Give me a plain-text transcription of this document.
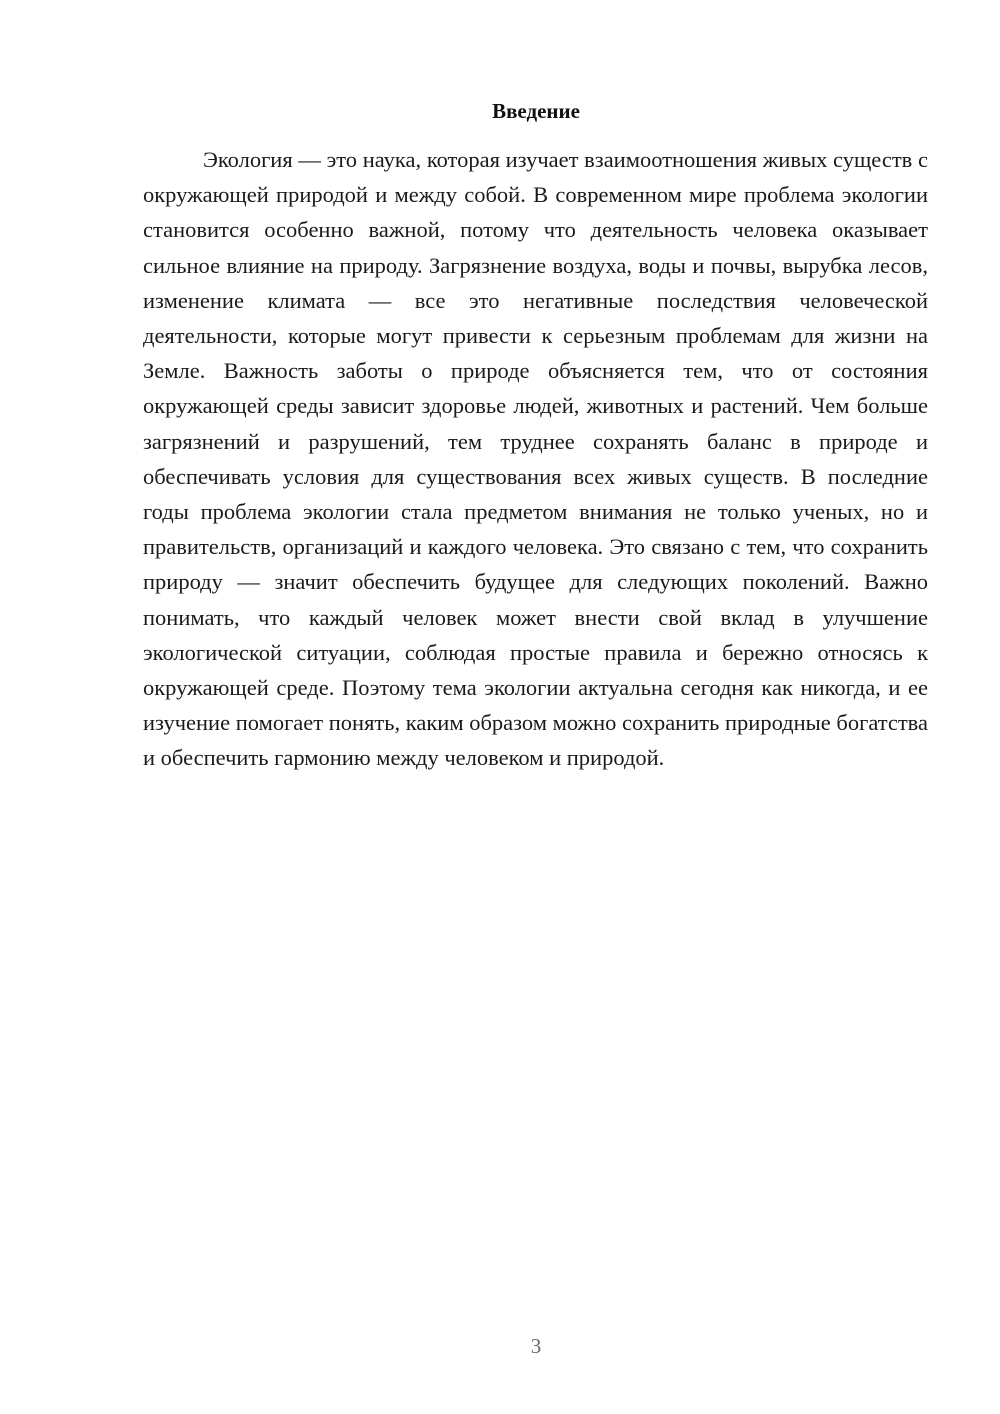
Введение

Экология — это наука, которая изучает взаимоотношения живых существ с окружающей природой и между собой. В современном мире проблема экологии становится особенно важной, потому что деятельность человека оказывает сильное влияние на природу. Загрязнение воздуха, воды и почвы, вырубка лесов, изменение климата — все это негативные последствия человеческой деятельности, которые могут привести к серьезным проблемам для жизни на Земле. Важность заботы о природе объясняется тем, что от состояния окружающей среды зависит здоровье людей, животных и растений. Чем больше загрязнений и разрушений, тем труднее сохранять баланс в природе и обеспечивать условия для существования всех живых существ. В последние годы проблема экологии стала предметом внимания не только ученых, но и правительств, организаций и каждого человека. Это связано с тем, что сохранить природу — значит обеспечить будущее для следующих поколений. Важно понимать, что каждый человек может внести свой вклад в улучшение экологической ситуации, соблюдая простые правила и бережно относясь к окружающей среде. Поэтому тема экологии актуальна сегодня как никогда, и ее изучение помогает понять, каким образом можно сохранить природные богатства и обеспечить гармонию между человеком и природой.

3
